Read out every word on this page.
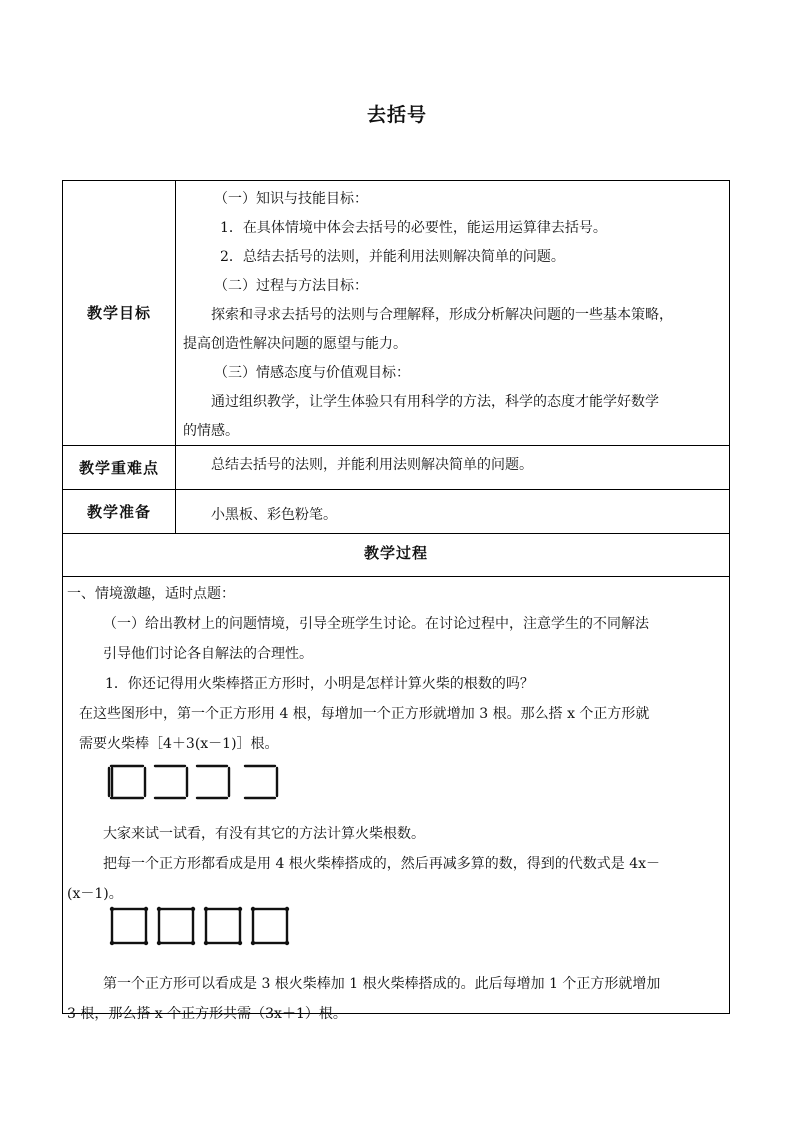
去括号
教学目标

（一）知识与技能目标：

1．在具体情境中体会去括号的必要性，能运用运算律去括号。

2．总结去括号的法则，并能利用法则解决简单的问题。

（二）过程与方法目标：

探索和寻求去括号的法则与合理解释，形成分析解决问题的一些基本策略，

提高创造性解决问题的愿望与能力。

（三）情感态度与价值观目标：

通过组织教学，让学生体验只有用科学的方法，科学的态度才能学好数学

的情感。

教学重难点	总结去括号的法则，并能利用法则解决简单的问题。

教学准备	小黑板、彩色粉笔。

教学过程

一、情境激趣，适时点题：

（一）给出教材上的问题情境，引导全班学生讨论。在讨论过程中，注意学生的不同解法

引导他们讨论各自解法的合理性。

1．你还记得用火柴棒搭正方形时，小明是怎样计算火柴的根数的吗？

在这些图形中，第一个正方形用 4 根，每增加一个正方形就增加 3 根。那么搭 x 个正方形就

需要火柴棒［4＋3(x－1)］根。

大家来试一试看，有没有其它的方法计算火柴根数。

把每一个正方形都看成是用 4 根火柴棒搭成的，然后再减多算的数，得到的代数式是 4x－

(x－1)。

第一个正方形可以看成是 3 根火柴棒加 1 根火柴棒搭成的。此后每增加 1 个正方形就增加

3 根，那么搭 x 个正方形共需（3x＋1）根。
